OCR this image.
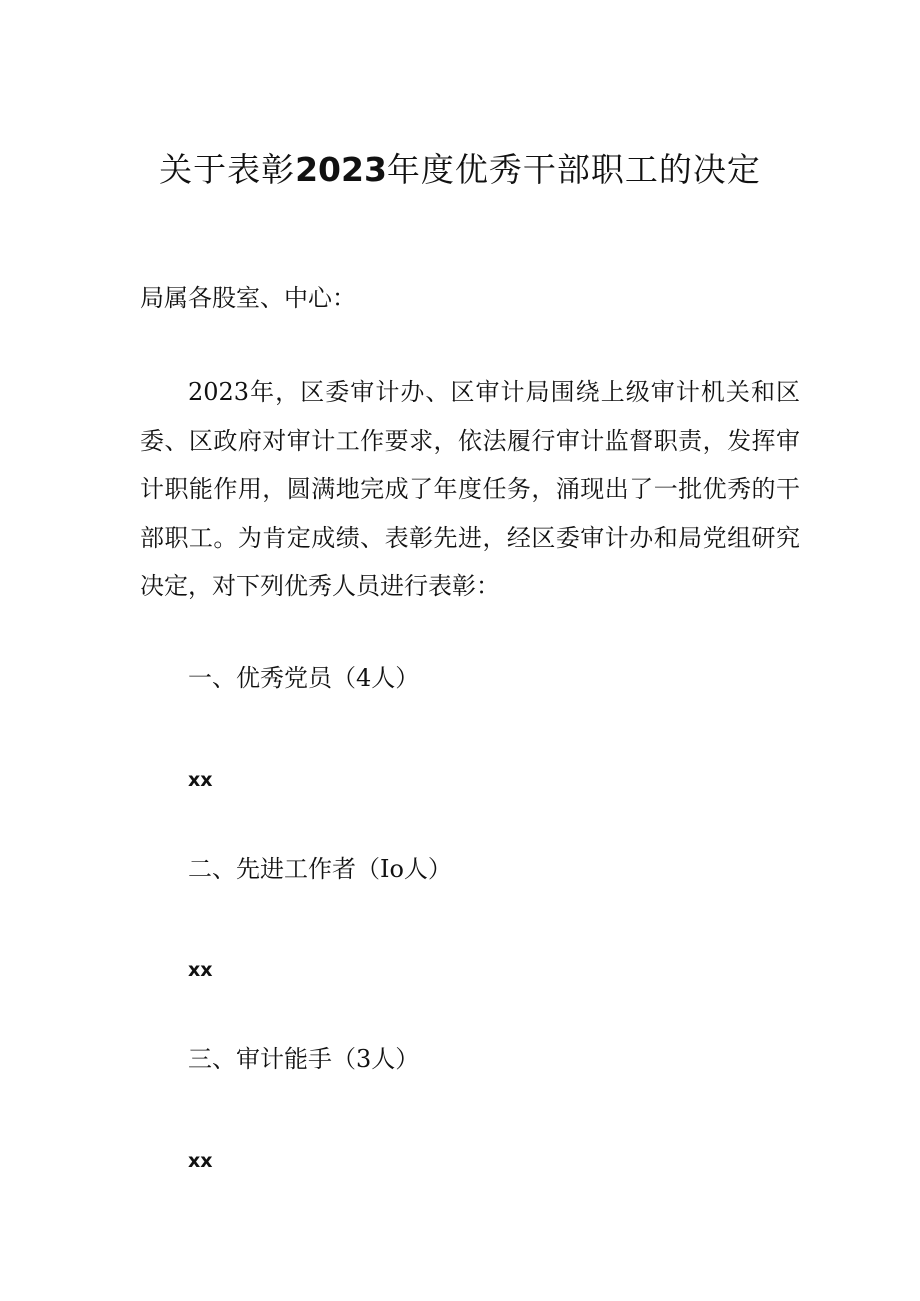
关于表彰2023年度优秀干部职工的决定
局属各股室、中心：

2023年，区委审计办、区审计局围绕上级审计机关和区委、区政府对审计工作要求，依法履行审计监督职责，发挥审计职能作用，圆满地完成了年度任务，涌现出了一批优秀的干部职工。为肯定成绩、表彰先进，经区委审计办和局党组研究决定，对下列优秀人员进行表彰：

一、优秀党员（4人）
xx
二、先进工作者（Io人）
xx
三、审计能手（3人）
xx
